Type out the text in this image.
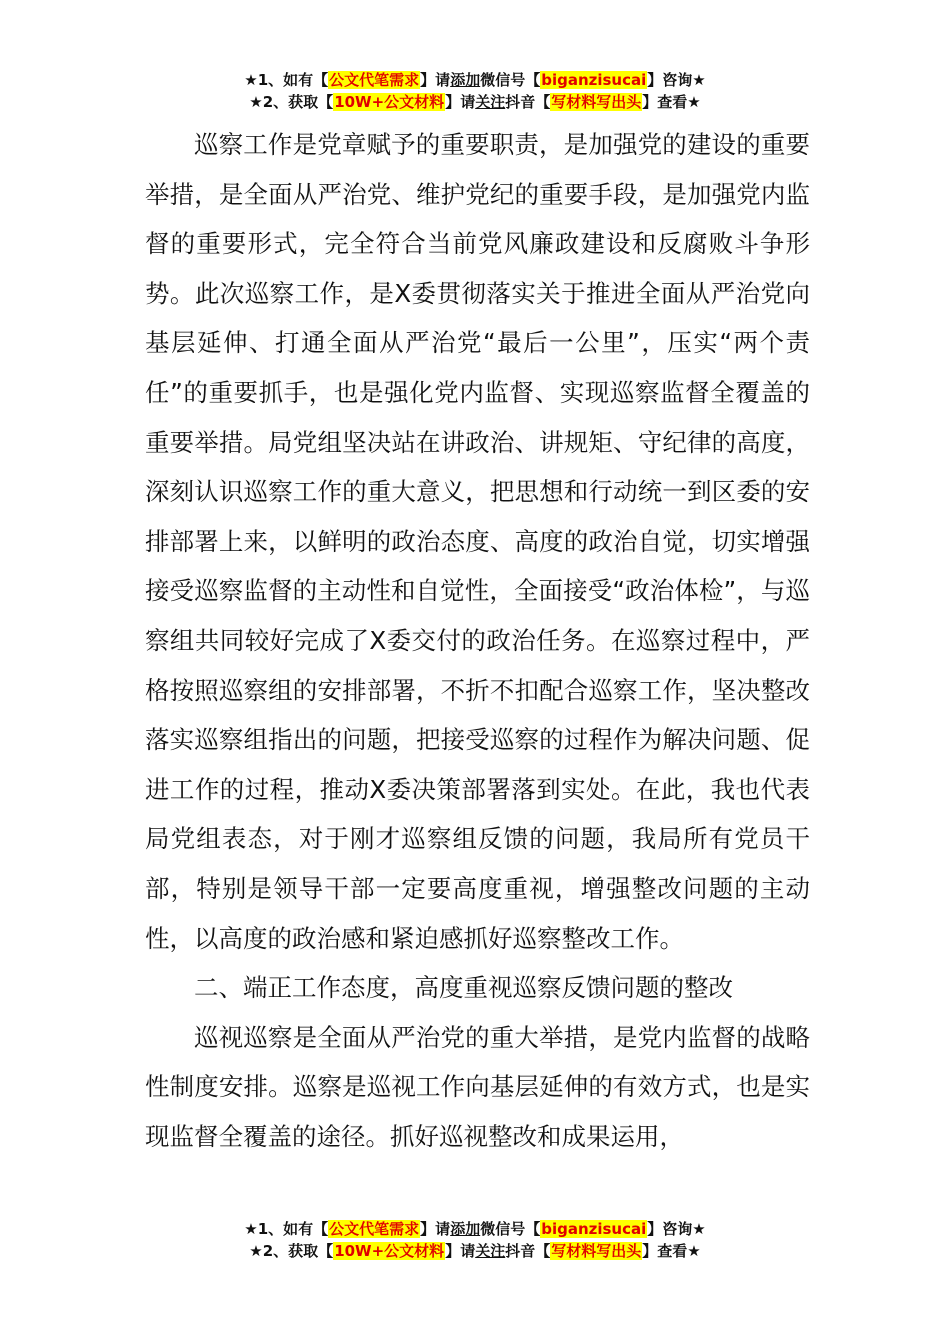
★1、如有【公文代笔需求】请添加微信号【biganzisucai】咨询★
★2、获取【10W+公文材料】请关注抖音【写材料写出头】查看★

巡察工作是党章赋予的重要职责，是加强党的建设的重要举措，是全面从严治党、维护党纪的重要手段，是加强党内监督的重要形式，完全符合当前党风廉政建设和反腐败斗争形势。此次巡察工作，是X委贯彻落实关于推进全面从严治党向基层延伸、打通全面从严治党“最后一公里”，压实“两个责任”的重要抓手，也是强化党内监督、实现巡察监督全覆盖的重要举措。局党组坚决站在讲政治、讲规矩、守纪律的高度，深刻认识巡察工作的重大意义，把思想和行动统一到区委的安排部署上来，以鲜明的政治态度、高度的政治自觉，切实增强接受巡察监督的主动性和自觉性，全面接受“政治体检”，与巡察组共同较好完成了X委交付的政治任务。在巡察过程中，严格按照巡察组的安排部署，不折不扣配合巡察工作，坚决整改落实巡察组指出的问题，把接受巡察的过程作为解决问题、促进工作的过程，推动X委决策部署落到实处。在此，我也代表局党组表态，对于刚才巡察组反馈的问题，我局所有党员干部，特别是领导干部一定要高度重视，增强整改问题的主动性，以高度的政治感和紧迫感抓好巡察整改工作。

二、端正工作态度，高度重视巡察反馈问题的整改

巡视巡察是全面从严治党的重大举措，是党内监督的战略性制度安排。巡察是巡视工作向基层延伸的有效方式，也是实现监督全覆盖的途径。抓好巡视整改和成果运用，

★1、如有【公文代笔需求】请添加微信号【biganzisucai】咨询★
★2、获取【10W+公文材料】请关注抖音【写材料写出头】查看★
